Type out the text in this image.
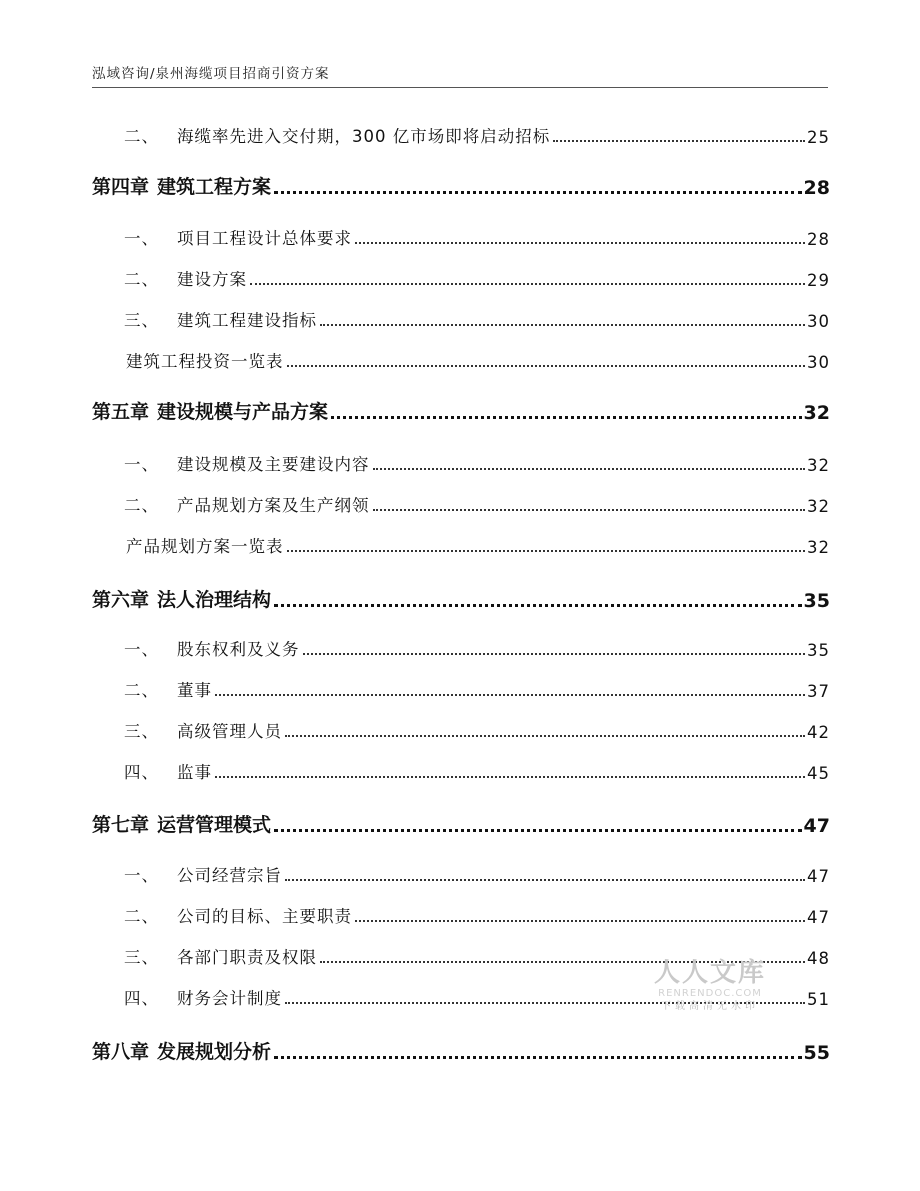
泓域咨询/泉州海缆项目招商引资方案
二、 海缆率先进入交付期，300 亿市场即将启动招标	25
第四章 建筑工程方案	28
一、 项目工程设计总体要求	28
二、 建设方案	29
三、 建筑工程建设指标	30
建筑工程投资一览表	30
第五章 建设规模与产品方案	32
一、 建设规模及主要建设内容	32
二、 产品规划方案及生产纲领	32
产品规划方案一览表	32
第六章 法人治理结构	35
一、 股东权利及义务	35
二、 董事	37
三、 高级管理人员	42
四、 监事	45
第七章 运营管理模式	47
一、 公司经营宗旨	47
二、 公司的目标、主要职责	47
三、 各部门职责及权限	48
四、 财务会计制度	51
第八章 发展规划分析	55
人人文库
RENRENDOC.COM
下载高清无水印
